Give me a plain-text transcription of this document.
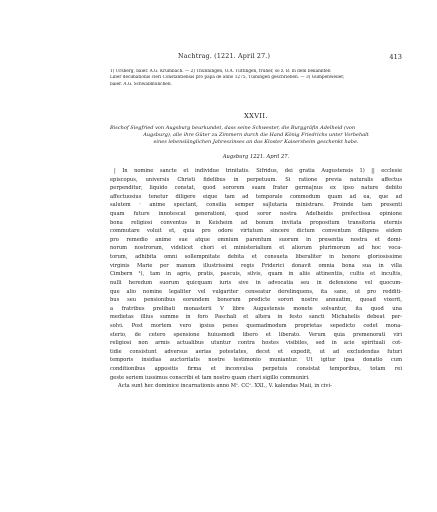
Nachtrag. (1221. April 27.)	413
1) Ursberg, baier. A.G. Krumbach. — 2) Thunningen, O.A. Tuttingen, früher, so z. B. in dem bekannten
Liber decimationis cleri Constantiensis pro papa de anno 1275, Tuiningen geschrieben. — 3) Gumpenweiler,
baier. A.G. Schwabmünchen.
XXVII.
Bischof Siegfried von Augsburg beurkundet, dass seine Schwester, die Burggräfin Adelheid (von
Augsburg), alle ihre Güter zu Zimmern durch die Hand König Friedrichs unter Vorbehalt
eines lebenslänglichen Jahreszinses an das Kloster Kaisersheim geschenkt habe.
Augsburg 1221. April 27.
| In nomine sancte et individue trinitatis. Sifridus, dei gratia Augustensis 1) || ecclesie
episcopus, universis Christi fidelibus in perpetuum. Si ratione previa naturalis affectus
perpenditur, liquido constat, quod sororem suam frater germa|nus ex ipso nature debito
affectuosius tenetur diligere eique tam ad temporale commodum quam ad ea, que ad
salutem · anime spectant, consilia semper sa|lutaria ministrare. Proinde tam presenti
quam future innotescat generationi, quod soror nostra Adelheidis prefectissa opinione
bona religiosi conventus in Keisheim ad bonum invitata propositum transitoria eternis
commutare voluit et, quia pro odore virtutum sincere dictum conventum diligens eidem
pro remedio anime sue atque omnium parentum suorum in presentia nostra et domi-
norum nostrorum, videlicet chori et ministerialium et aliorum plurimorum ad hoc voca-
torum, adhibita omni sollempnitate debita et consueta liberaliter in honore gloriosissime
virginis Marie per manum illustrissimi regis Friderici donavit omnia bona sua in villa
Cimbern ¹), tam in agris, pratis, pascuis, silvis, quam in aliis attinentiis, cultis et incultis,
nulli heredum suorum quicquam iuris sive in advocatia seu in defensione vel quocum-
que alio nomine legaliter vel vulgariter censeatur derelinquens, ita sane, ut pro redditi-
bus seu pensionibus eorundem bonorum predicte sorori nostre annuatim, quoad vixerit,
a fratribus prelibati monasterii V libre Augustensis monete solvantur, ita quod una
medietas illius summe in foro Paschali et altera in festo sancti Michahelis debeat per-
solvi. Post mortem vero ipsius penes quemadmodum proprietas sepedicto cedet mona-
sterio, de cetero spensione huiusmodi libero et liberato. Verum quia premenorati viri
religiosi non armis actualibus utuntur contra hostes visibiles, sed in acie spirituali cot-
tidie consistunt adversus aerias potestates, decet et expedit, ut ad excludendas futuri
temporis insidias auctoritatis nostre testimonio muniantur. Ut igitur ipsa donatio cum
conditionibus appositis firma et inconvulsa perpetuis consistat temporibus, totam rei
geste seriem iussimus conscribi et tam nostro quam cheri sigillo communiri.
Acta sunt hec dominice incarnationis anno Mᵒ. CCᵒ. XXI., V. kalendas Maii, in civi-
